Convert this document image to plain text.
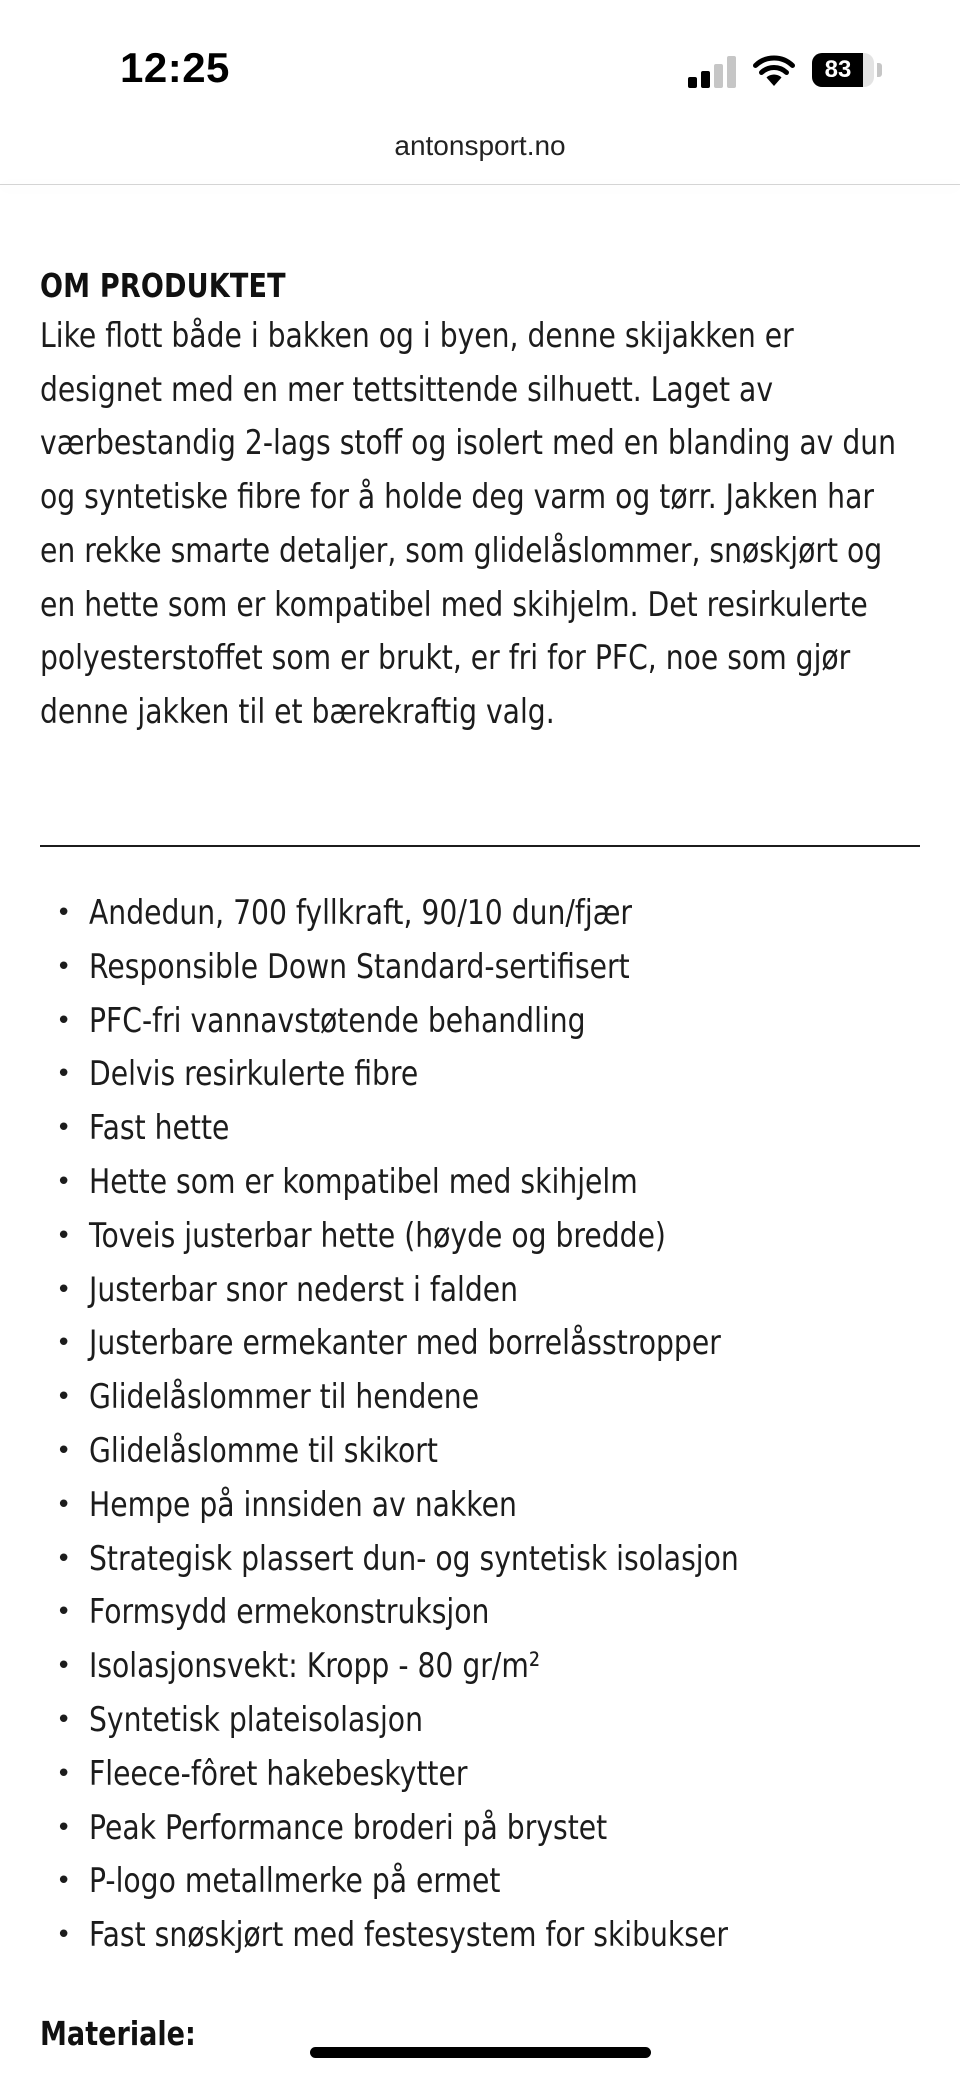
12:25	83
antonsport.no
OM PRODUKTET

Like flott både i bakken og i byen, denne skijakken er designet med en mer tettsittende silhuett. Laget av værbestandig 2-lags stoff og isolert med en blanding av dun og syntetiske fibre for å holde deg varm og tørr. Jakken har en rekke smarte detaljer, som glidelåslommer, snøskjørt og en hette som er kompatibel med skihjelm. Det resirkulerte polyesterstoffet som er brukt, er fri for PFC, noe som gjør denne jakken til et bærekraftig valg.

• Andedun, 700 fyllkraft, 90/10 dun/fjær
• Responsible Down Standard-sertifisert
• PFC-fri vannavstøtende behandling
• Delvis resirkulerte fibre
• Fast hette
• Hette som er kompatibel med skihjelm
• Toveis justerbar hette (høyde og bredde)
• Justerbar snor nederst i falden
• Justerbare ermekanter med borrelåsstropper
• Glidelåslommer til hendene
• Glidelåslomme til skikort
• Hempe på innsiden av nakken
• Strategisk plassert dun- og syntetisk isolasjon
• Formsydd ermekonstruksjon
• Isolasjonsvekt: Kropp - 80 gr/m²
• Syntetisk plateisolasjon
• Fleece-fôret hakebeskytter
• Peak Performance broderi på brystet
• P-logo metallmerke på ermet
• Fast snøskjørt med festesystem for skibukser
Materiale:
